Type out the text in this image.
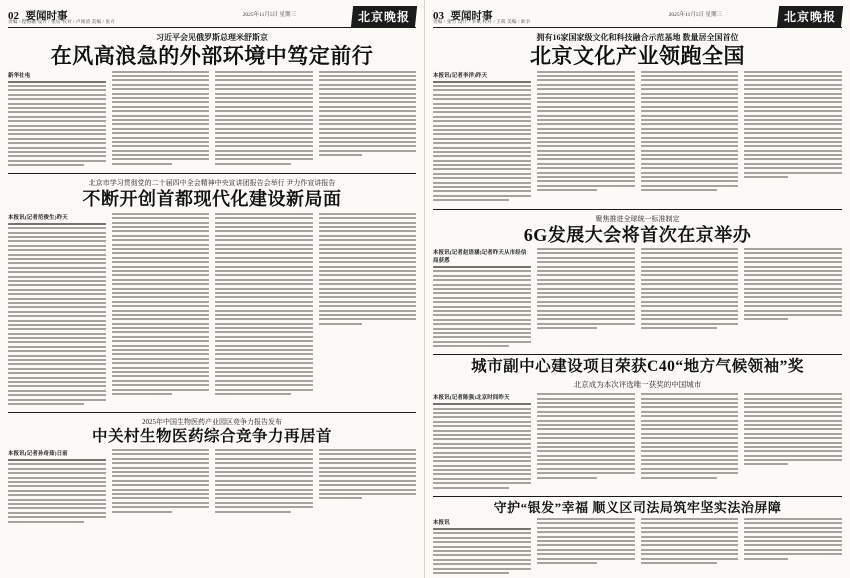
02 要闻时事	2025年11月5日 星期三	北京晚报
责编 / 程海鹏 设计 / 张培 校对 / 卢俊清 美编 / 张方
习近平会见俄罗斯总理米舒斯京
在风高浪急的外部环境中笃定前行
新华社电
北京市学习贯彻党的二十届四中全会精神中央宣讲团报告会举行 尹力作宣讲报告
不断开创首都现代化建设新局面
本报讯(记者范俊生)昨天
2025年中国生物医药产业园区竞争力报告发布
中关村生物医药综合竞争力再居首
本报讯(记者孙奇茹)日前
03 要闻时事	2025年11月5日 星期三	北京晚报
责编 / 张力 设计 / 李斌 校对 / 王萌 美编 / 耿争
拥有16家国家级文化和科技融合示范基地 数量居全国首位
北京文化产业领跑全国
本报讯(记者李洋)昨天
聚焦推进全球统一标准制定
6G发展大会将首次在京举办
本报讯(记者赵语涵)记者昨天从市经信局获悉
城市副中心建设项目荣获C40“地方气候领袖”奖
北京成为本次评选唯一获奖的中国城市
本报讯(记者陈强)北京时间昨天
守护“银发”幸福 顺义区司法局筑牢坚实法治屏障
本报讯
